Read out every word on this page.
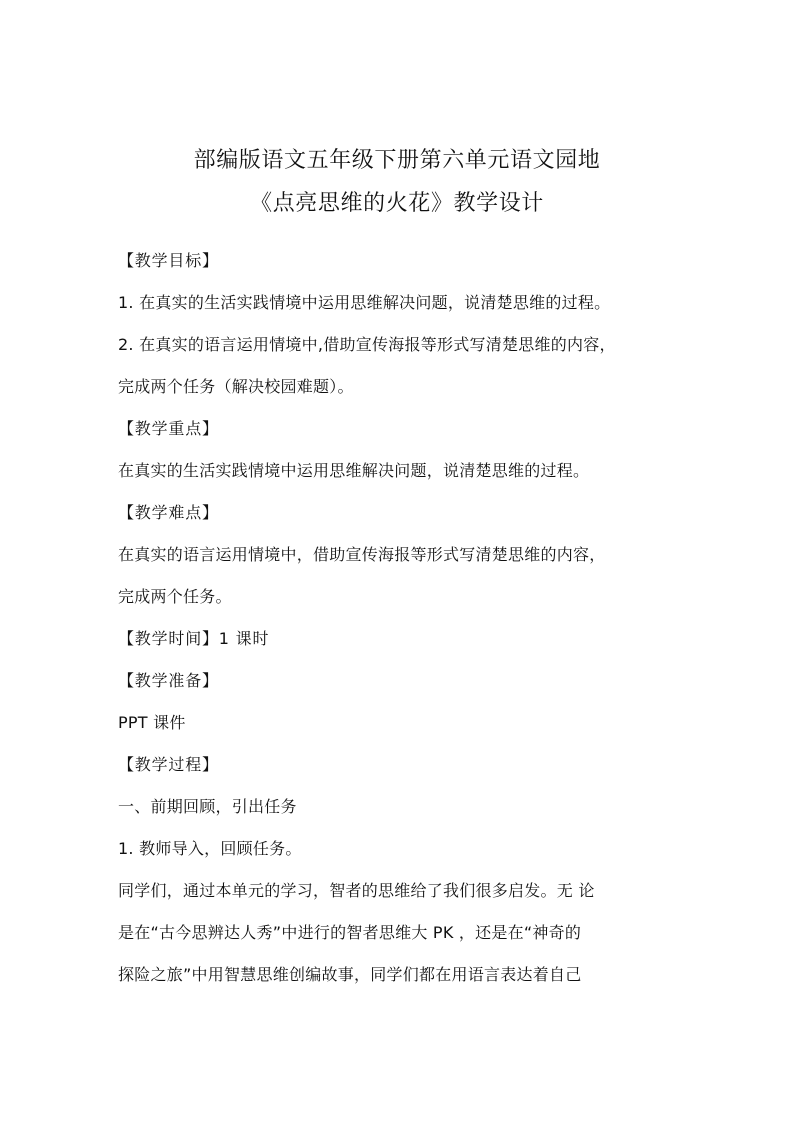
部编版语文五年级下册第六单元语文园地
《点亮思维的火花》教学设计
【教学目标】
1. 在真实的生活实践情境中运用思维解决问题，说清楚思维的过程。
2. 在真实的语言运用情境中,借助宣传海报等形式写清楚思维的内容，
完成两个任务（解决校园难题）。
【教学重点】
在真实的生活实践情境中运用思维解决问题，说清楚思维的过程。
【教学难点】
在真实的语言运用情境中，借助宣传海报等形式写清楚思维的内容，
完成两个任务。
【教学时间】1 课时
【教学准备】
PPT 课件
【教学过程】
一、前期回顾，引出任务
1. 教师导入，回顾任务。
同学们，通过本单元的学习，智者的思维给了我们很多启发。无 论
是在“古今思辨达人秀”中进行的智者思维大 PK ，还是在“神奇的
探险之旅”中用智慧思维创编故事，同学们都在用语言表达着自己
